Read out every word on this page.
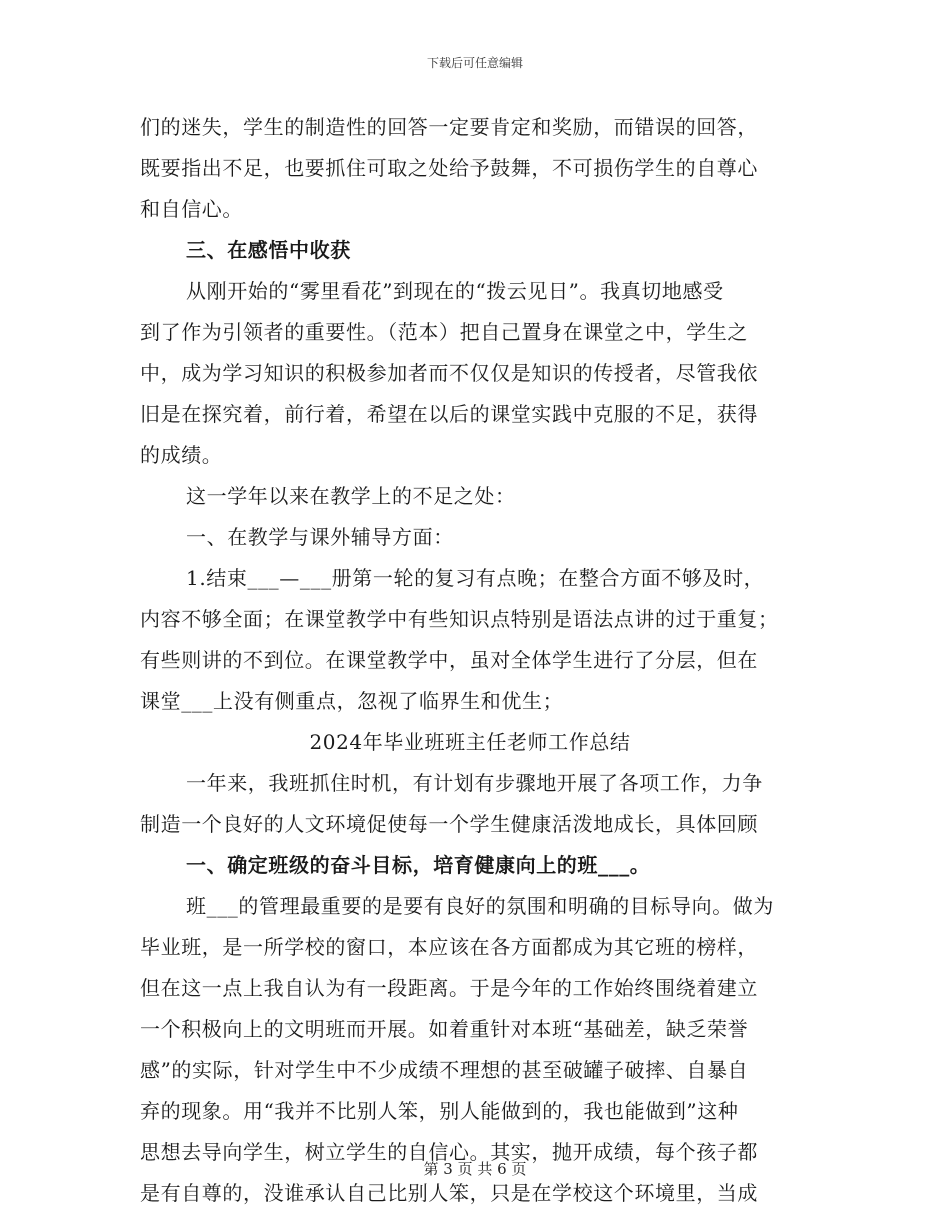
下载后可任意编辑
们的迷失，学生的制造性的回答一定要肯定和奖励，而错误的回答，
既要指出不足，也要抓住可取之处给予鼓舞，不可损伤学生的自尊心
和自信心。
三、在感悟中收获
从刚开始的“雾里看花”到现在的“拨云见日”。我真切地感受
到了作为引领者的重要性。（范本）把自己置身在课堂之中，学生之
中，成为学习知识的积极参加者而不仅仅是知识的传授者，尽管我依
旧是在探究着，前行着，希望在以后的课堂实践中克服的不足，获得
的成绩。
这一学年以来在教学上的不足之处：
一、在教学与课外辅导方面：
1.结束___—___册第一轮的复习有点晚；在整合方面不够及时，
内容不够全面；在课堂教学中有些知识点特别是语法点讲的过于重复；
有些则讲的不到位。在课堂教学中，虽对全体学生进行了分层，但在
课堂___上没有侧重点，忽视了临界生和优生；
2024年毕业班班主任老师工作总结
一年来，我班抓住时机，有计划有步骤地开展了各项工作，力争
制造一个良好的人文环境促使每一个学生健康活泼地成长，具体回顾
一、确定班级的奋斗目标，培育健康向上的班___。
班___的管理最重要的是要有良好的氛围和明确的目标导向。做为
毕业班，是一所学校的窗口，本应该在各方面都成为其它班的榜样，
但在这一点上我自认为有一段距离。于是今年的工作始终围绕着建立
一个积极向上的文明班而开展。如着重针对本班“基础差，缺乏荣誉
感”的实际，针对学生中不少成绩不理想的甚至破罐子破摔、自暴自
弃的现象。用“我并不比别人笨，别人能做到的，我也能做到”这种
思想去导向学生，树立学生的自信心。其实，抛开成绩，每个孩子都
是有自尊的，没谁承认自己比别人笨，只是在学校这个环境里，当成
第 3 页 共 6 页
